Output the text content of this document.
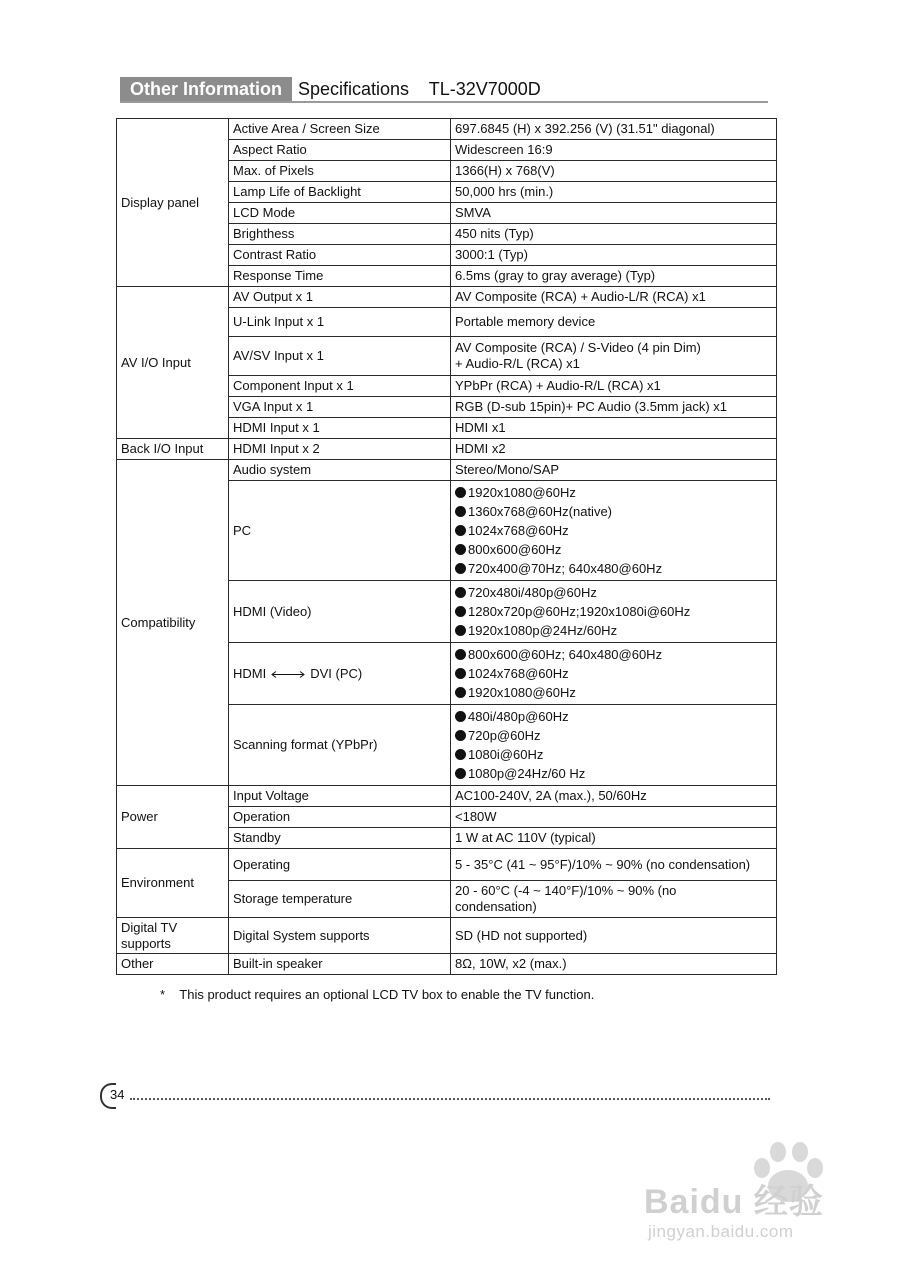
Other Information Specifications    TL-32V7000D
Display panel	Active Area / Screen Size	697.6845 (H) x 392.256 (V) (31.51" diagonal)
	Aspect Ratio	Widescreen 16:9
	Max. of Pixels	1366(H) x 768(V)
	Lamp Life of Backlight	50,000 hrs (min.)
	LCD Mode	SMVA
	Brighthess	450 nits (Typ)
	Contrast Ratio	3000:1 (Typ)
	Response Time	6.5ms (gray to gray average) (Typ)
AV I/O Input	AV Output x 1	AV Composite (RCA) + Audio-L/R (RCA) x1
	U-Link Input x 1	Portable memory device
	AV/SV Input x 1	AV Composite (RCA) / S-Video (4 pin Dim)
+ Audio-R/L (RCA) x1

	Component Input x 1	YPbPr (RCA) + Audio-R/L (RCA) x1
	VGA Input x 1	RGB (D-sub 15pin)+ PC Audio (3.5mm jack) x1
	HDMI Input x 1	HDMI x1
Back I/O Input	HDMI Input x 2	HDMI x2
Compatibility	Audio system	Stereo/Mono/SAP
	PC	1920x1080@60Hz
1360x768@60Hz(native)
1024x768@60Hz
800x600@60Hz
720x400@70Hz; 640x480@60Hz

	HDMI (Video)	720x480i/480p@60Hz
1280x720p@60Hz;1920x1080i@60Hz
1920x1080p@24Hz/60Hz

	HDMI DVI (PC)	800x600@60Hz; 640x480@60Hz
1024x768@60Hz
1920x1080@60Hz

	Scanning format (YPbPr)	480i/480p@60Hz
720p@60Hz
1080i@60Hz
1080p@24Hz/60 Hz

Power	Input Voltage	AC100-240V, 2A (max.), 50/60Hz
	Operation	<180W
	Standby	1 W at AC 110V (typical)
Environment	Operating	5 - 35°C (41 ~ 95°F)/10% ~ 90% (no condensation)
	Storage temperature	20 - 60°C (-4 ~ 140°F)/10% ~ 90% (no
condensation)

Digital TV
supports	Digital System supports	SD (HD not supported)
Other	Built-in speaker	8Ω, 10W, x2 (max.)
*    This product requires an optional LCD TV box to enable the TV function.
34
Baidu 经验
jingyan.baidu.com
